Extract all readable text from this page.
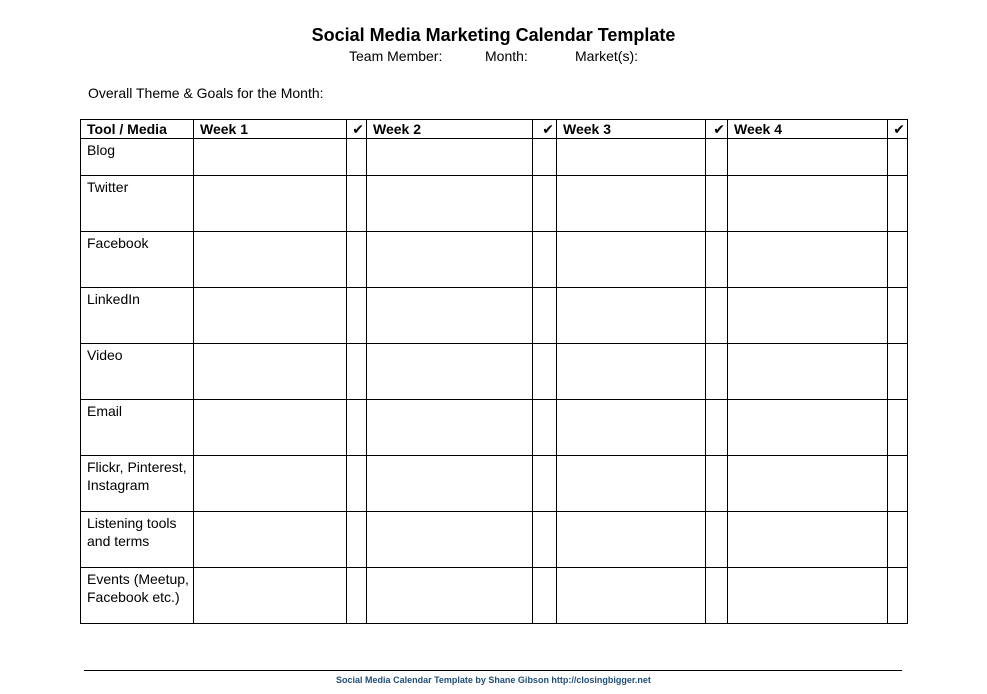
Social Media Marketing Calendar Template
Team Member:	Month:	Market(s):
Overall Theme & Goals for the Month:
Tool / Media	Week 1	✔	Week 2	✔	Week 3	✔	Week 4	✔
Blog								
Twitter								
Facebook								
LinkedIn								
Video								
Email								
Flickr, Pinterest, Instagram								
Listening tools and terms								
Events (Meetup, Facebook etc.)								
Social Media Calendar Template by Shane Gibson http://closingbigger.net
